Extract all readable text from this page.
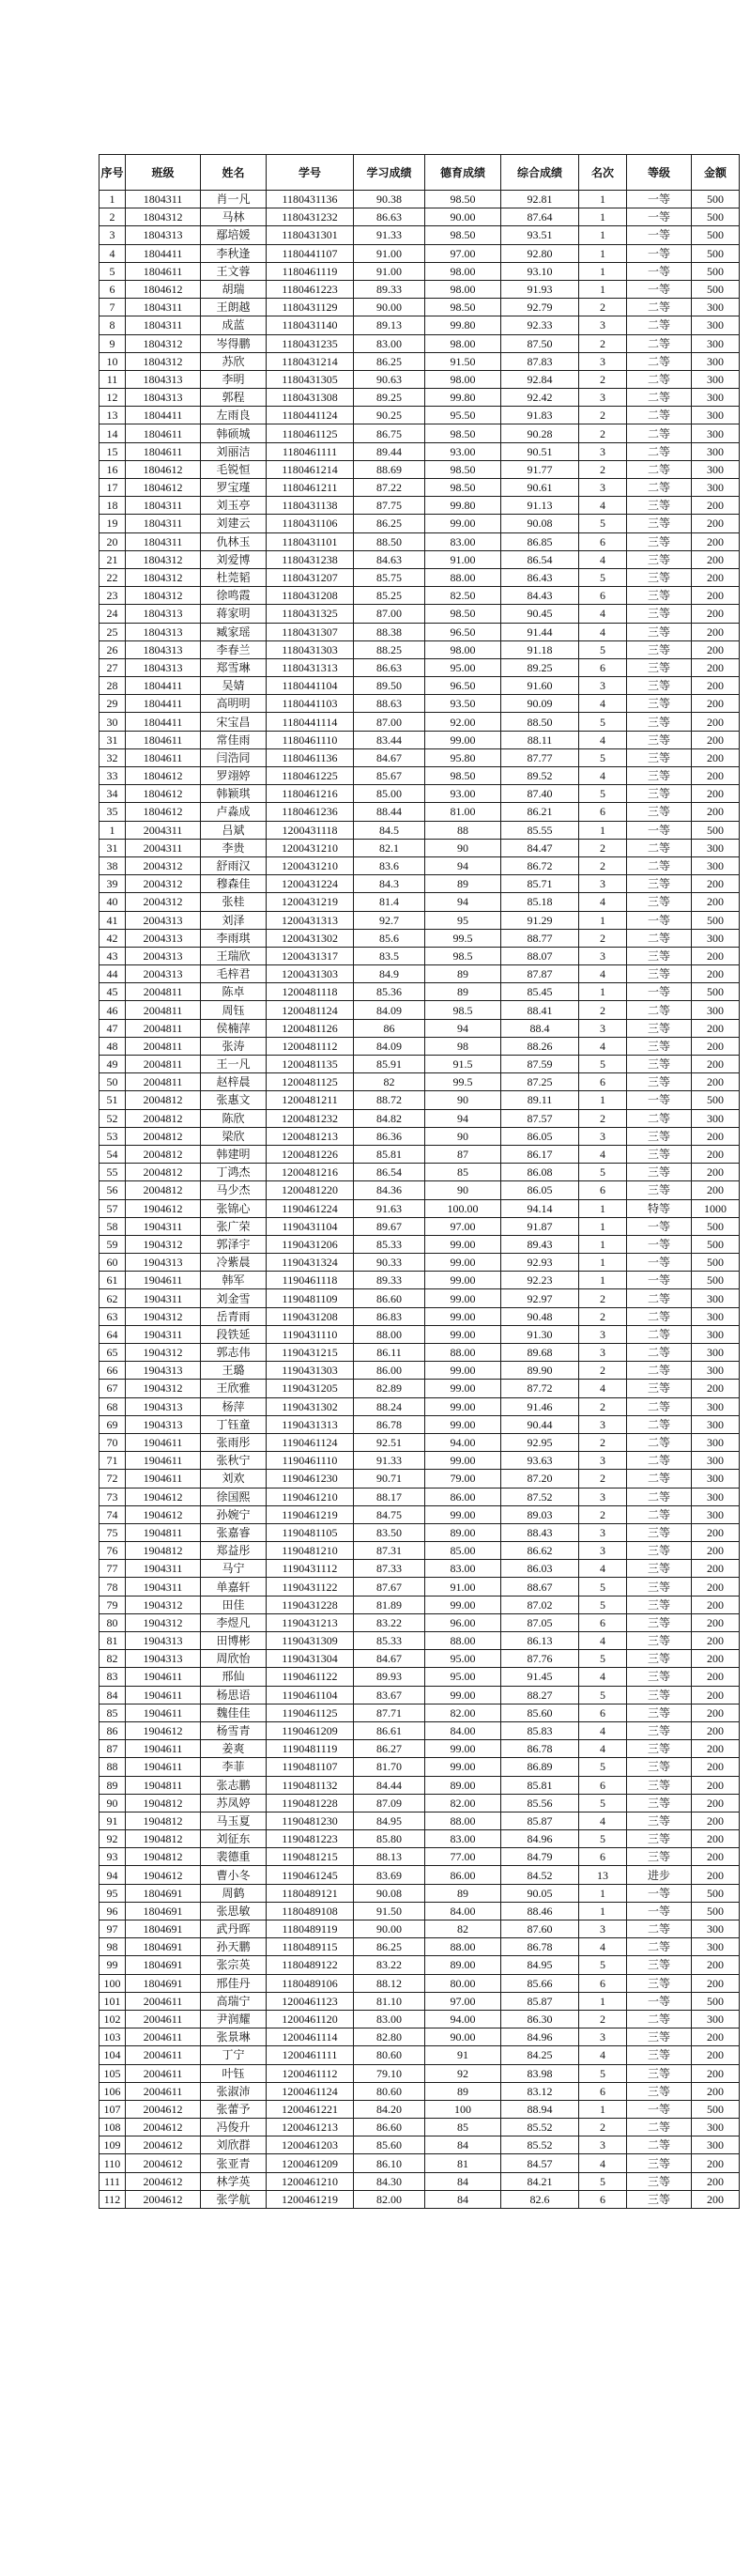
序号	班级	姓名	学号	学习成绩	德育成绩	综合成绩	名次	等级	金额
1	1804311	肖一凡	1180431136	90.38	98.50	92.81	1	一等	500
2	1804312	马林	1180431232	86.63	90.00	87.64	1	一等	500
3	1804313	鄢培媛	1180431301	91.33	98.50	93.51	1	一等	500
4	1804411	李秋逢	1180441107	91.00	97.00	92.80	1	一等	500
5	1804611	王文蓉	1180461119	91.00	98.00	93.10	1	一等	500
6	1804612	胡瑞	1180461223	89.33	98.00	91.93	1	一等	500
7	1804311	王朗越	1180431129	90.00	98.50	92.79	2	二等	300
8	1804311	成蓝	1180431140	89.13	99.80	92.33	3	二等	300
9	1804312	岑得鹏	1180431235	83.00	98.00	87.50	2	二等	300
10	1804312	苏欣	1180431214	86.25	91.50	87.83	3	二等	300
11	1804313	李明	1180431305	90.63	98.00	92.84	2	二等	300
12	1804313	郭程	1180431308	89.25	99.80	92.42	3	二等	300
13	1804411	左雨良	1180441124	90.25	95.50	91.83	2	二等	300
14	1804611	韩硕城	1180461125	86.75	98.50	90.28	2	二等	300
15	1804611	刘丽洁	1180461111	89.44	93.00	90.51	3	二等	300
16	1804612	毛锐恒	1180461214	88.69	98.50	91.77	2	二等	300
17	1804612	罗宝瑾	1180461211	87.22	98.50	90.61	3	二等	300
18	1804311	刘玉亭	1180431138	87.75	99.80	91.13	4	三等	200
19	1804311	刘建云	1180431106	86.25	99.00	90.08	5	三等	200
20	1804311	仇林玉	1180431101	88.50	83.00	86.85	6	三等	200
21	1804312	刘爱博	1180431238	84.63	91.00	86.54	4	三等	200
22	1804312	杜莞韬	1180431207	85.75	88.00	86.43	5	三等	200
23	1804312	徐鸣霞	1180431208	85.25	82.50	84.43	6	三等	200
24	1804313	蒋家明	1180431325	87.00	98.50	90.45	4	三等	200
25	1804313	臧家瑶	1180431307	88.38	96.50	91.44	4	三等	200
26	1804313	李春兰	1180431303	88.25	98.00	91.18	5	三等	200
27	1804313	郑雪琳	1180431313	86.63	95.00	89.25	6	三等	200
28	1804411	吴婧	1180441104	89.50	96.50	91.60	3	三等	200
29	1804411	高明明	1180441103	88.63	93.50	90.09	4	三等	200
30	1804411	宋宝昌	1180441114	87.00	92.00	88.50	5	三等	200
31	1804611	常佳雨	1180461110	83.44	99.00	88.11	4	三等	200
32	1804611	闫浩同	1180461136	84.67	95.80	87.77	5	三等	200
33	1804612	罗翊婷	1180461225	85.67	98.50	89.52	4	三等	200
34	1804612	韩颖琪	1180461216	85.00	93.00	87.40	5	三等	200
35	1804612	卢淼成	1180461236	88.44	81.00	86.21	6	三等	200
1	2004311	吕斌	1200431118	84.5	88	85.55	1	一等	500
31	2004311	李贵	1200431210	82.1	90	84.47	2	二等	300
38	2004312	舒雨汉	1200431210	83.6	94	86.72	2	二等	300
39	2004312	穆森佳	1200431224	84.3	89	85.71	3	三等	200
40	2004312	张桂	1200431219	81.4	94	85.18	4	三等	200
41	2004313	刘泽	1200431313	92.7	95	91.29	1	一等	500
42	2004313	李雨琪	1200431302	85.6	99.5	88.77	2	二等	300
43	2004313	王瑞欣	1200431317	83.5	98.5	88.07	3	三等	200
44	2004313	毛梓君	1200431303	84.9	89	87.87	4	三等	200
45	2004811	陈卓	1200481118	85.36	89	85.45	1	一等	500
46	2004811	周钰	1200481124	84.09	98.5	88.41	2	二等	300
47	2004811	侯楠萍	1200481126	86	94	88.4	3	三等	200
48	2004811	张涛	1200481112	84.09	98	88.26	4	三等	200
49	2004811	王一凡	1200481135	85.91	91.5	87.59	5	三等	200
50	2004811	赵梓晨	1200481125	82	99.5	87.25	6	三等	200
51	2004812	张惠文	1200481211	88.72	90	89.11	1	一等	500
52	2004812	陈欣	1200481232	84.82	94	87.57	2	二等	300
53	2004812	梁欣	1200481213	86.36	90	86.05	3	三等	200
54	2004812	韩建明	1200481226	85.81	87	86.17	4	三等	200
55	2004812	丁鸿杰	1200481216	86.54	85	86.08	5	三等	200
56	2004812	马少杰	1200481220	84.36	90	86.05	6	三等	200
57	1904612	张锦心	1190461224	91.63	100.00	94.14	1	特等	1000
58	1904311	张广荣	1190431104	89.67	97.00	91.87	1	一等	500
59	1904312	郭泽宇	1190431206	85.33	99.00	89.43	1	一等	500
60	1904313	冷紫晨	1190431324	90.33	99.00	92.93	1	一等	500
61	1904611	韩军	1190461118	89.33	99.00	92.23	1	一等	500
62	1904311	刘金雪	1190481109	86.60	99.00	92.97	2	二等	300
63	1904312	岳青雨	1190431208	86.83	99.00	90.48	2	二等	300
64	1904311	段铁延	1190431110	88.00	99.00	91.30	3	二等	300
65	1904312	郭志伟	1190431215	86.11	88.00	89.68	3	二等	300
66	1904313	王璐	1190431303	86.00	99.00	89.90	2	二等	300
67	1904312	王欣雅	1190431205	82.89	99.00	87.72	4	三等	200
68	1904313	杨萍	1190431302	88.24	99.00	91.46	2	二等	300
69	1904313	丁钰童	1190431313	86.78	99.00	90.44	3	二等	300
70	1904611	张雨彤	1190461124	92.51	94.00	92.95	2	二等	300
71	1904611	张秋宁	1190461110	91.33	99.00	93.63	3	二等	300
72	1904611	刘欢	1190461230	90.71	79.00	87.20	2	二等	300
73	1904612	徐国熙	1190461210	88.17	86.00	87.52	3	二等	300
74	1904612	孙婉宁	1190461219	84.75	99.00	89.03	2	二等	300
75	1904811	张嘉睿	1190481105	83.50	89.00	88.43	3	三等	200
76	1904812	郑益彤	1190481210	87.31	85.00	86.62	3	三等	200
77	1904311	马宁	1190431112	87.33	83.00	86.03	4	三等	200
78	1904311	单嘉轩	1190431122	87.67	91.00	88.67	5	三等	200
79	1904312	田佳	1190431228	81.89	99.00	87.02	5	三等	200
80	1904312	李煜凡	1190431213	83.22	96.00	87.05	6	三等	200
81	1904313	田博彬	1190431309	85.33	88.00	86.13	4	三等	200
82	1904313	周欣怡	1190431304	84.67	95.00	87.76	5	三等	200
83	1904611	邢仙	1190461122	89.93	95.00	91.45	4	三等	200
84	1904611	杨思语	1190461104	83.67	99.00	88.27	5	三等	200
85	1904611	魏佳佳	1190461125	87.71	82.00	85.60	6	三等	200
86	1904612	杨雪青	1190461209	86.61	84.00	85.83	4	三等	200
87	1904611	姜爽	1190481119	86.27	99.00	86.78	4	三等	200
88	1904611	李菲	1190481107	81.70	99.00	86.89	5	三等	200
89	1904811	张志鹏	1190481132	84.44	89.00	85.81	6	三等	200
90	1904812	苏凤婷	1190481228	87.09	82.00	85.56	5	三等	200
91	1904812	马玉夏	1190481230	84.95	88.00	85.87	4	三等	200
92	1904812	刘征东	1190481223	85.80	83.00	84.96	5	三等	200
93	1904812	裴德重	1190481215	88.13	77.00	84.79	6	三等	200
94	1904612	曹小冬	1190461245	83.69	86.00	84.52	13	进步	200
95	1804691	周鹤	1180489121	90.08	89	90.05	1	一等	500
96	1804691	张思敏	1180489108	91.50	84.00	88.46	1	一等	500
97	1804691	武丹晖	1180489119	90.00	82	87.60	3	二等	300
98	1804691	孙天鹏	1180489115	86.25	88.00	86.78	4	二等	300
99	1804691	张宗英	1180489122	83.22	89.00	84.95	5	三等	200
100	1804691	邢佳丹	1180489106	88.12	80.00	85.66	6	三等	200
101	2004611	高瑞宁	1200461123	81.10	97.00	85.87	1	一等	500
102	2004611	尹润耀	1200461120	83.00	94.00	86.30	2	二等	300
103	2004611	张景琳	1200461114	82.80	90.00	84.96	3	三等	200
104	2004611	丁宁	1200461111	80.60	91	84.25	4	三等	200
105	2004611	叶钰	1200461112	79.10	92	83.98	5	三等	200
106	2004611	张淑沛	1200461124	80.60	89	83.12	6	三等	200
107	2004612	张蕾予	1200461221	84.20	100	88.94	1	一等	500
108	2004612	冯俊升	1200461213	86.60	85	85.52	2	二等	300
109	2004612	刘欣群	1200461203	85.60	84	85.52	3	二等	300
110	2004612	张亚青	1200461209	86.10	81	84.57	4	三等	200
111	2004612	林学英	1200461210	84.30	84	84.21	5	三等	200
112	2004612	张学航	1200461219	82.00	84	82.6	6	三等	200
